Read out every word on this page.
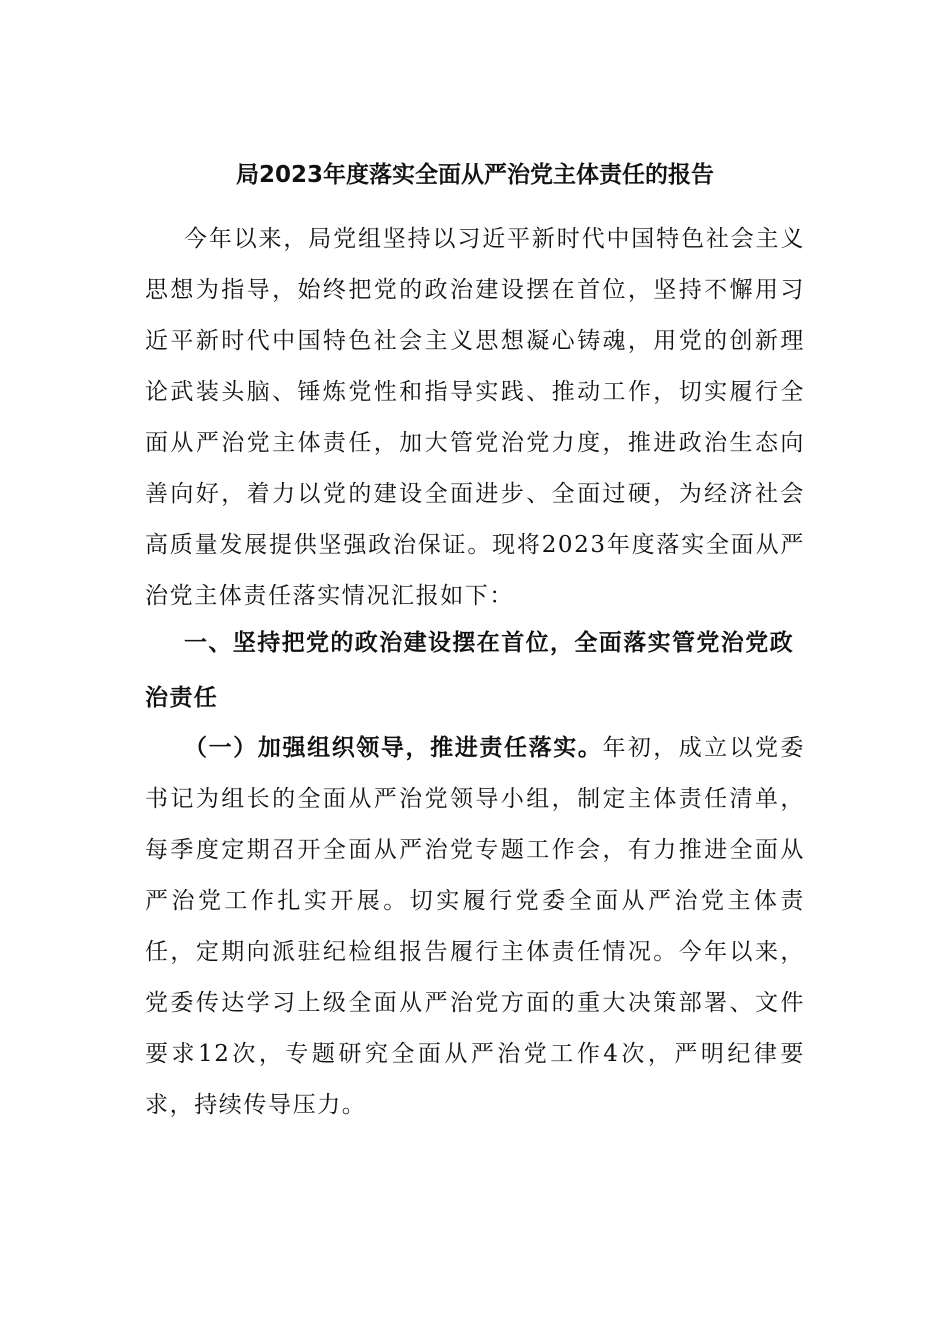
局2023年度落实全面从严治党主体责任的报告
今年以来，局党组坚持以习近平新时代中国特色社会主义思想为指导，始终把党的政治建设摆在首位，坚持不懈用习近平新时代中国特色社会主义思想凝心铸魂，用党的创新理论武装头脑、锤炼党性和指导实践、推动工作，切实履行全面从严治党主体责任，加大管党治党力度，推进政治生态向善向好，着力以党的建设全面进步、全面过硬，为经济社会高质量发展提供坚强政治保证。现将2023年度落实全面从严治党主体责任落实情况汇报如下：
一、坚持把党的政治建设摆在首位，全面落实管党治党政治责任
（一）加强组织领导，推进责任落实。年初，成立以党委书记为组长的全面从严治党领导小组，制定主体责任清单，每季度定期召开全面从严治党专题工作会，有力推进全面从严治党工作扎实开展。切实履行党委全面从严治党主体责任，定期向派驻纪检组报告履行主体责任情况。今年以来，党委传达学习上级全面从严治党方面的重大决策部署、文件要求12次，专题研究全面从严治党工作4次，严明纪律要求，持续传导压力。
